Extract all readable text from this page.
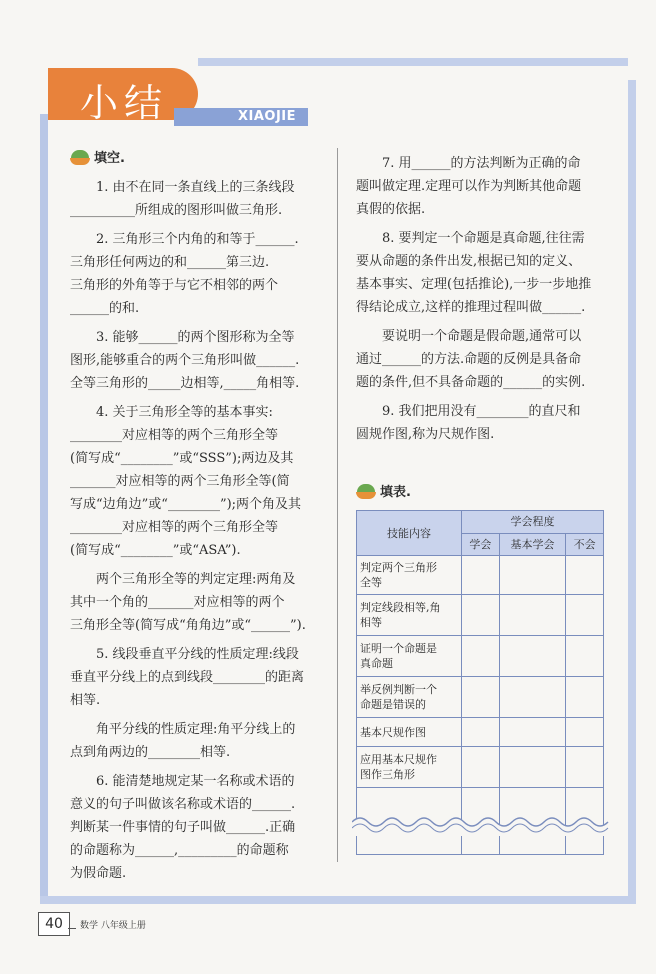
小结	XIAOJIE
填空.

1. 由不在同一条直线上的三条线段
__________所组成的图形叫做三角形.

2. 三角形三个内角的和等于______.
三角形任何两边的和______第三边.
三角形的外角等于与它不相邻的两个
______的和.

3. 能够______的两个图形称为全等
图形,能够重合的两个三角形叫做______.
全等三角形的_____边相等,_____角相等.

4. 关于三角形全等的基本事实:
________对应相等的两个三角形全等
(简写成“________”或“SSS”);两边及其
_______对应相等的两个三角形全等(简
写成“边角边”或“________”);两个角及其
________对应相等的两个三角形全等
(简写成“________”或“ASA”).

两个三角形全等的判定定理:两角及
其中一个角的_______对应相等的两个
三角形全等(简写成“角角边”或“______”).

5. 线段垂直平分线的性质定理:线段
垂直平分线上的点到线段________的距离
相等.

角平分线的性质定理:角平分线上的
点到角两边的________相等.

6. 能清楚地规定某一名称或术语的
意义的句子叫做该名称或术语的______.
判断某一件事情的句子叫做______.正确
的命题称为______,_________的命题称
为假命题.

7. 用______的方法判断为正确的命
题叫做定理.定理可以作为判断其他命题
真假的依据.

8. 要判定一个命题是真命题,往往需
要从命题的条件出发,根据已知的定义、
基本事实、定理(包括推论),一步一步地推
得结论成立,这样的推理过程叫做______.

要说明一个命题是假命题,通常可以
通过______的方法.命题的反例是具备命
题的条件,但不具备命题的______的实例.

9. 我们把用没有________的直尺和
圆规作图,称为尺规作图.

填表.
技能内容	学会程度		
	学会	基本学会	不会

判定两个三角形
全等			

判定线段相等,角
相等			

证明一个命题是
真命题			

举反例判断一个
命题是错误的			

基本尺规作图			

应用基本尺规作
图作三角形			

40	数学 八年级上册
